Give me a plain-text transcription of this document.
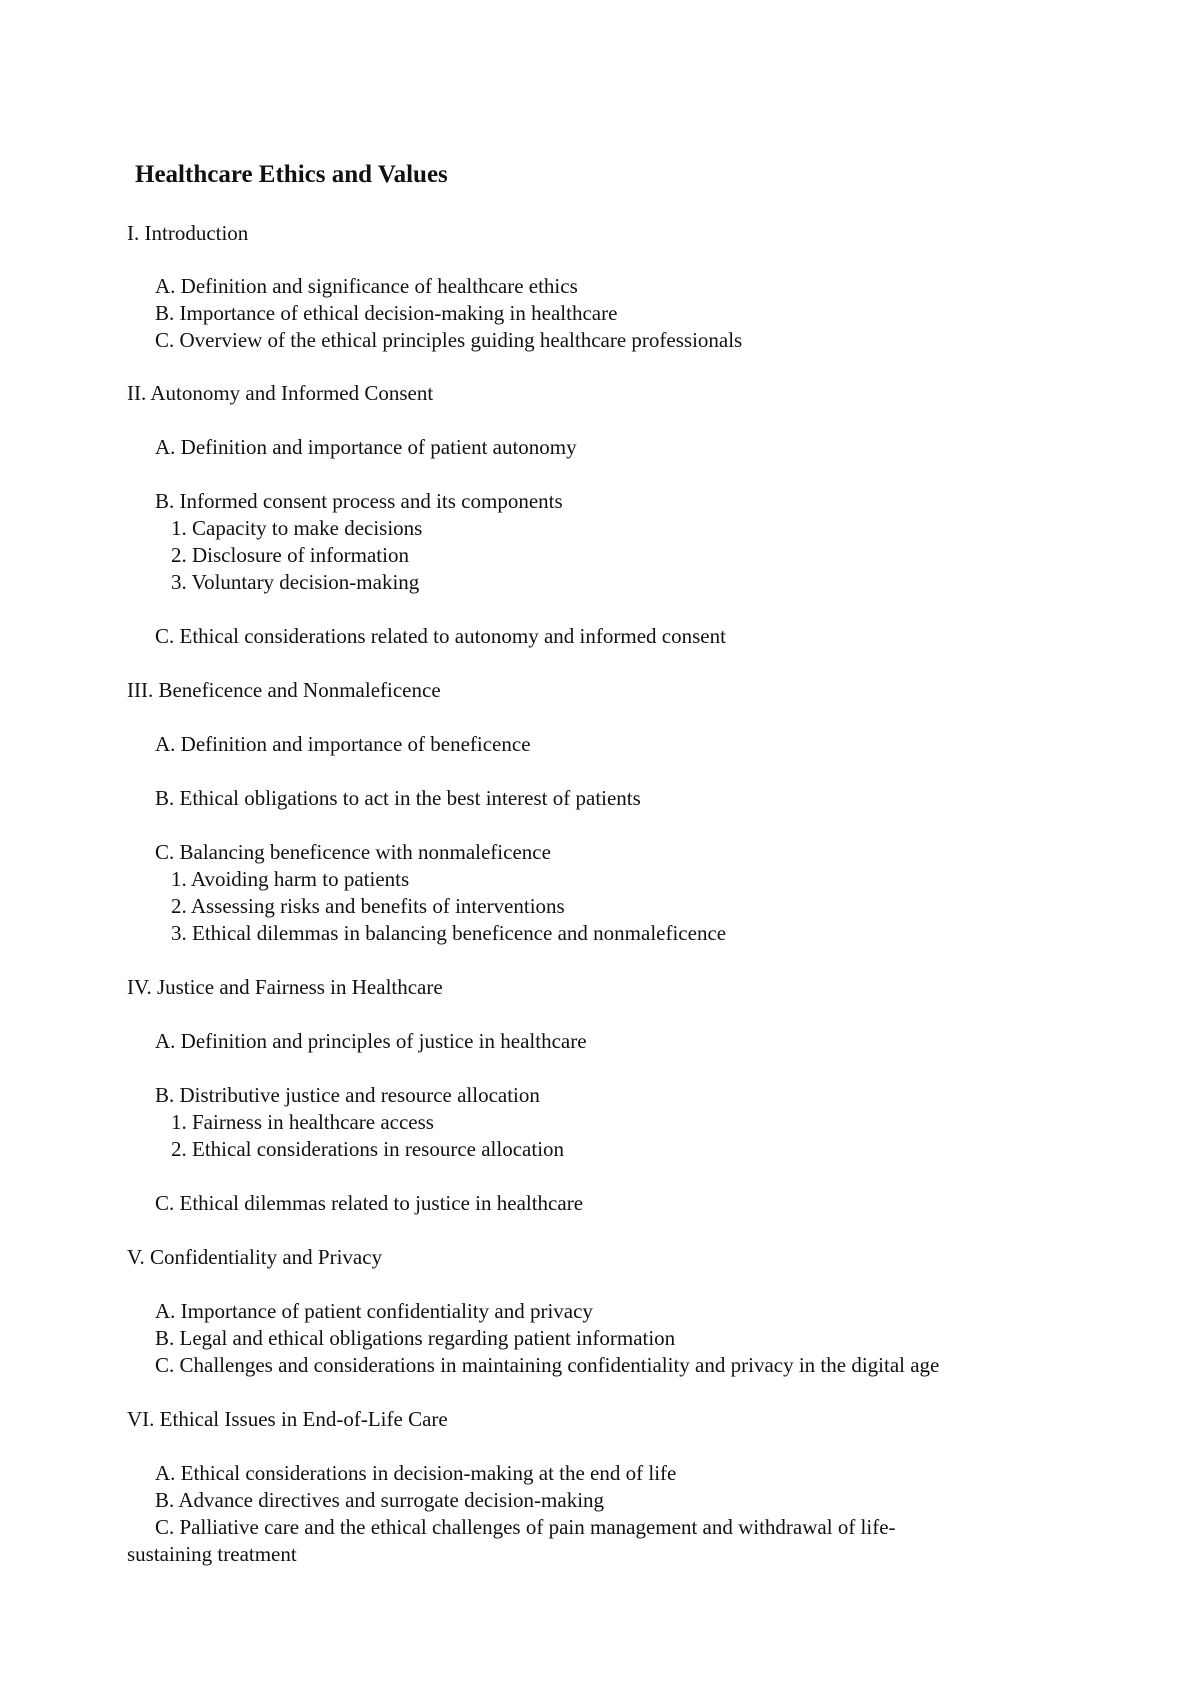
Healthcare Ethics and Values
I. Introduction
A. Definition and significance of healthcare ethics
B. Importance of ethical decision-making in healthcare
C. Overview of the ethical principles guiding healthcare professionals
II. Autonomy and Informed Consent
A. Definition and importance of patient autonomy
B. Informed consent process and its components
1. Capacity to make decisions
2. Disclosure of information
3. Voluntary decision-making
C. Ethical considerations related to autonomy and informed consent
III. Beneficence and Nonmaleficence
A. Definition and importance of beneficence
B. Ethical obligations to act in the best interest of patients
C. Balancing beneficence with nonmaleficence
1. Avoiding harm to patients
2. Assessing risks and benefits of interventions
3. Ethical dilemmas in balancing beneficence and nonmaleficence
IV. Justice and Fairness in Healthcare
A. Definition and principles of justice in healthcare
B. Distributive justice and resource allocation
1. Fairness in healthcare access
2. Ethical considerations in resource allocation
C. Ethical dilemmas related to justice in healthcare
V. Confidentiality and Privacy
A. Importance of patient confidentiality and privacy
B. Legal and ethical obligations regarding patient information
C. Challenges and considerations in maintaining confidentiality and privacy in the digital age
VI. Ethical Issues in End-of-Life Care
A. Ethical considerations in decision-making at the end of life
B. Advance directives and surrogate decision-making
C. Palliative care and the ethical challenges of pain management and withdrawal of life-
sustaining treatment
